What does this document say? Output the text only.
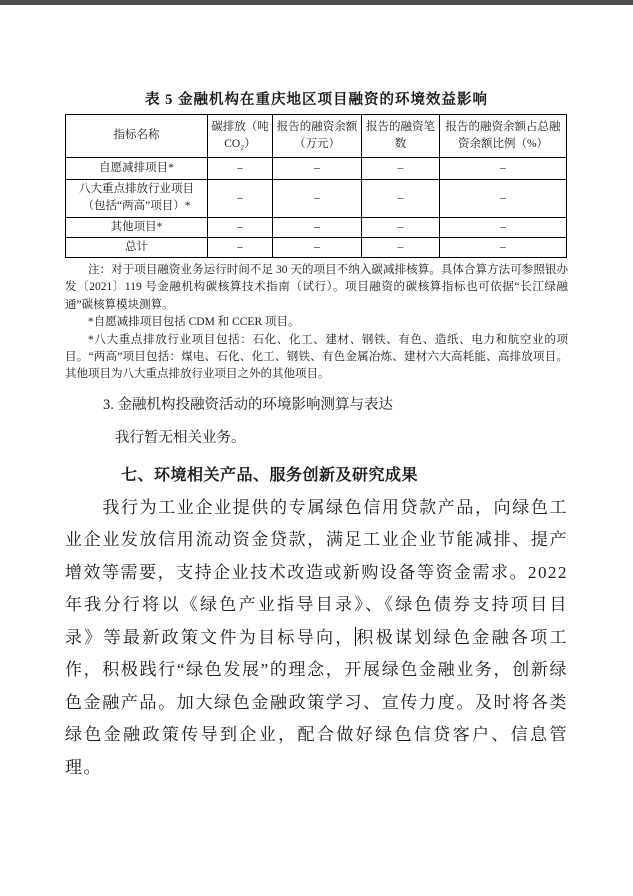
表 5 金融机构在重庆地区项目融资的环境效益影响
指标名称	碳排放（吨 CO₂）	报告的融资余额（万元）	报告的融资笔数	报告的融资余额占总融资余额比例（%）
自愿减排项目*	–	–	–	–
八大重点排放行业项目（包括“两高”项目）*	–	–	–	–
其他项目*	–	–	–	–
总计	–	–	–	–

注：对于项目融资业务运行时间不足 30 天的项目不纳入碳减排核算。具体合算方法可参照银办发〔2021〕119 号金融机构碳核算技术指南（试行）。项目融资的碳核算指标也可依据“长江绿融通”碳核算模块测算。

*自愿减排项目包括 CDM 和 CCER 项目。

*八大重点排放行业项目包括：石化、化工、建材、钢铁、有色、造纸、电力和航空业的项目。“两高”项目包括：煤电、石化、化工、钢铁、有色金属冶炼、建材六大高耗能、高排放项目。其他项目为八大重点排放行业项目之外的其他项目。

3. 金融机构投融资活动的环境影响测算与表达
我行暂无相关业务。
七、环境相关产品、服务创新及研究成果
我行为工业企业提供的专属绿色信用贷款产品，向绿色工业企业发放信用流动资金贷款，满足工业企业节能减排、提产增效等需要，支持企业技术改造或新购设备等资金需求。2022 年我分行将以《绿色产业指导目录》、《绿色债券支持项目目录》等最新政策文件为目标导向，积极谋划绿色金融各项工作，积极践行“绿色发展”的理念，开展绿色金融业务，创新绿色金融产品。加大绿色金融政策学习、宣传力度。及时将各类绿色金融政策传导到企业，配合做好绿色信贷客户、信息管理。
